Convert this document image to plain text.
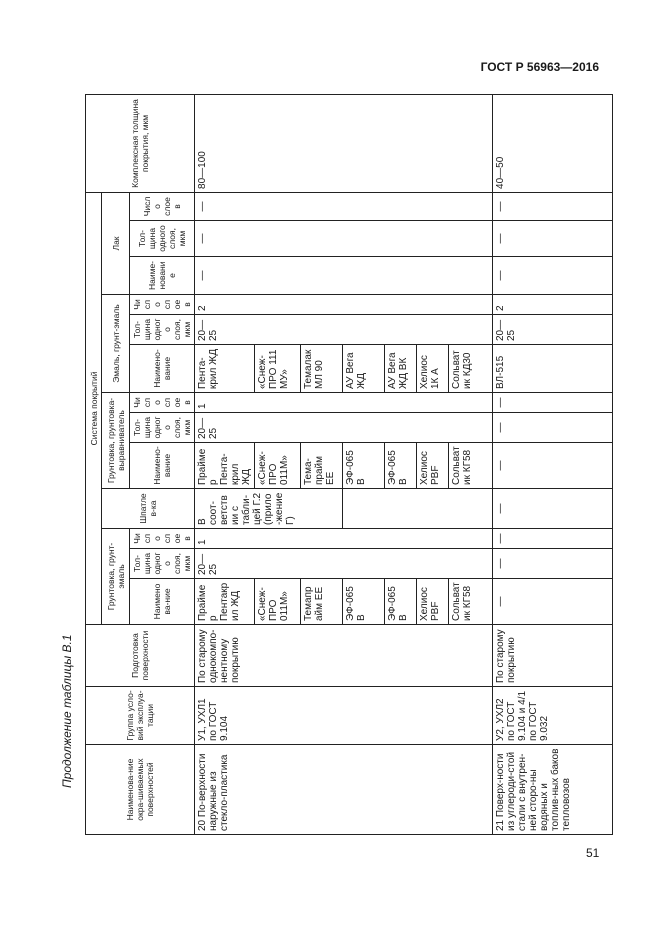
ГОСТ Р 56963—2016
Продолжение таблицы В.1
Наименова-ние окра-шиваемых поверхностей	Группа усло-вий эксплуа-тации	Подготовка поверхности	Система покрытий													Комплексная толщина покрытия, мкм
			Грунтовка, грунт-эмаль			Шпатлев-ка	Грунтовка, грунтовка-выравниватель			Эмаль, грунт-эмаль			Лак			
			Наименова-ние	Тол-щина одного слоя, мкм	Число слоев		Наимено-вание	Тол-щина одного слоя, мкм	Число слоев	Наимено-вание	Тол-щина одного слоя, мкм	Число слоев	Наиме-нование	Тол-щина одного слоя, мкм	Число слоев	
20 По-верхности наружные из стекло-пластика	У1, УХЛ1 по ГОСТ 9.104	По старому однокомпо-нентному покрытию	Праймер Пентакрил ЖД	20—25	1	В соот-ветствии с табли-цей Г.2 (прило-жение Г)	Праймер Пента-крил ЖД	20—25	1	Пента-крил ЖД	20—25	2	—	—	—	80—100
			«Снеж-ПРО 011М»				«Снеж-ПРО 011М»			«Снеж-ПРО 111 МУ»						
			Темапрайм ЕЕ				Тема-прайм ЕЕ			Темалак МЛ 90						
			ЭФ-065 В				ЭФ-065 В			АУ Вега ЖД						
			ЭФ-065 В				ЭФ-065 В			АУ Вега ЖД ВК						
			Хелиос PBF				Хелиос PBF			Хелиос 1К А						
			Сольватик КГ58				Сольватик КГ58			Сольватик КД30						
21 Поверх-ности из углероди-стой стали с внутрен-ней сторо-ны водяных и топлив-ных баков тепловозов	У2, УХЛ2 по ГОСТ 9.104 и 4/1 по ГОСТ 9.032	По старому покрытию	—	—	—	—	—	—	—	ВЛ-515	20—25	2	—	—	—	40—50
51
